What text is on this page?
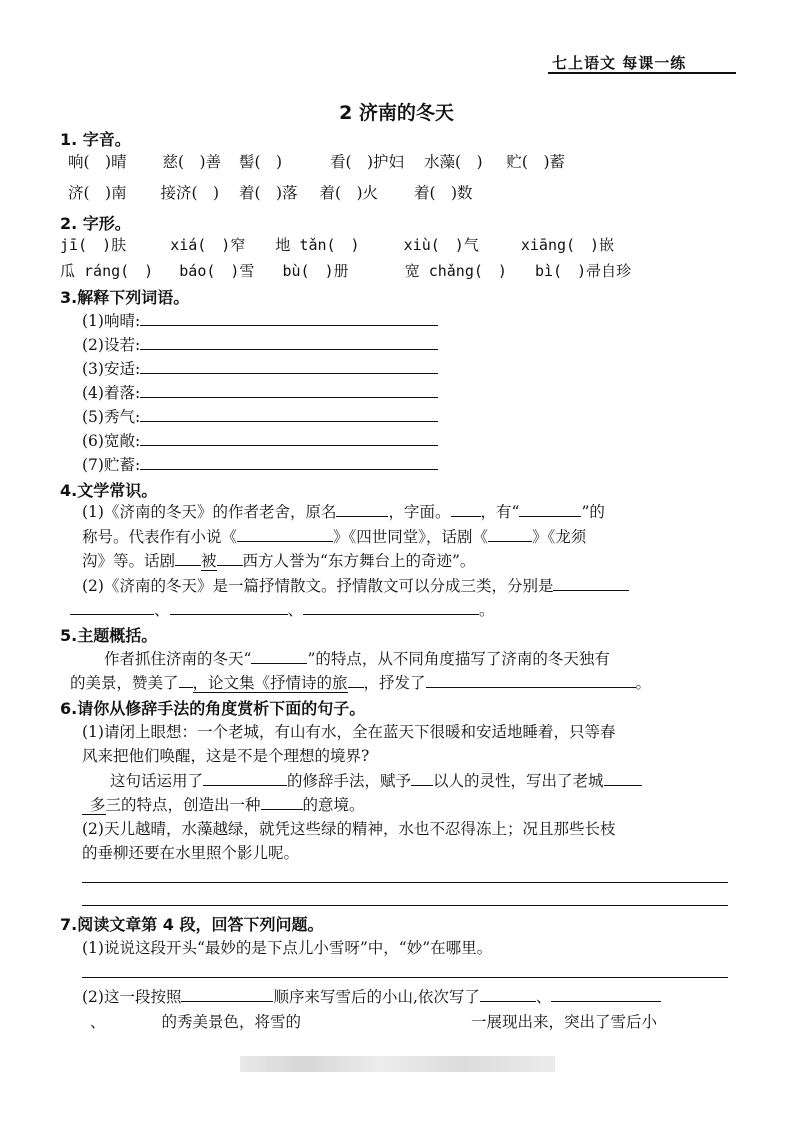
七上语文 每课一练
2 济南的冬天
1. 字音。
响(　)晴 慈(　)善 髻(　)	看(　)护妇 水藻(　) 贮(　)蓄
济(　)南 接济(　) 着(　)落 着(　)火 着(　)数
2. 字形。
jī(　)肤	xiá(　)窄 地 tǎn(　)	xiù(　)气	xiāng(　)嵌
瓜 ráng(　) báo(　)雪 bù(　)册	宽 chǎng(　) bì(　)帚自珍
3.解释下列词语。
(1)响晴:
(2)设若:
(3)安适:
(4)着落:
(5)秀气:
(6)宽敞:
(7)贮蓄:
4.文学常识。
(1)《济南的冬天》的作者老舍，原名	，字面。 ，有“	”的
称号。代表作有小说《	》《四世同堂》，话剧《	》《龙须
沟》等。话剧 被 西方人誉为“东方舞台上的奇迹”。
(2)《济南的冬天》是一篇抒情散文。抒情散文可以分成三类，分别是
、	、	。
5.主题概括。
作者抓住济南的冬天“	”的特点，从不同角度描写了济南的冬天独有
的美景，赞美了 ，论文集《抒情诗的旅 ，抒发了	。
6.请你从修辞手法的角度赏析下面的句子。
(1)请闭上眼想：一个老城，有山有水，全在蓝天下很暖和安适地睡着，只等春
风来把他们唤醒，这是不是个理想的境界?
这句话运用了	的修辞手法，赋予 以人的灵性，写出了老城
多三的特点，创造出一种	的意境。
(2)天儿越晴，水藻越绿，就凭这些绿的精神，水也不忍得冻上；况且那些长枝
的垂柳还要在水里照个影儿呢。
7.阅读文章第 4 段，回答下列问题。
(1)说说这段开头“最妙的是下点儿小雪呀”中，“妙”在哪里。
(2)这一段按照	顺序来写雪后的小山,依次写了	、
、	的秀美景色，将雪的	一展现出来，突出了雪后小
